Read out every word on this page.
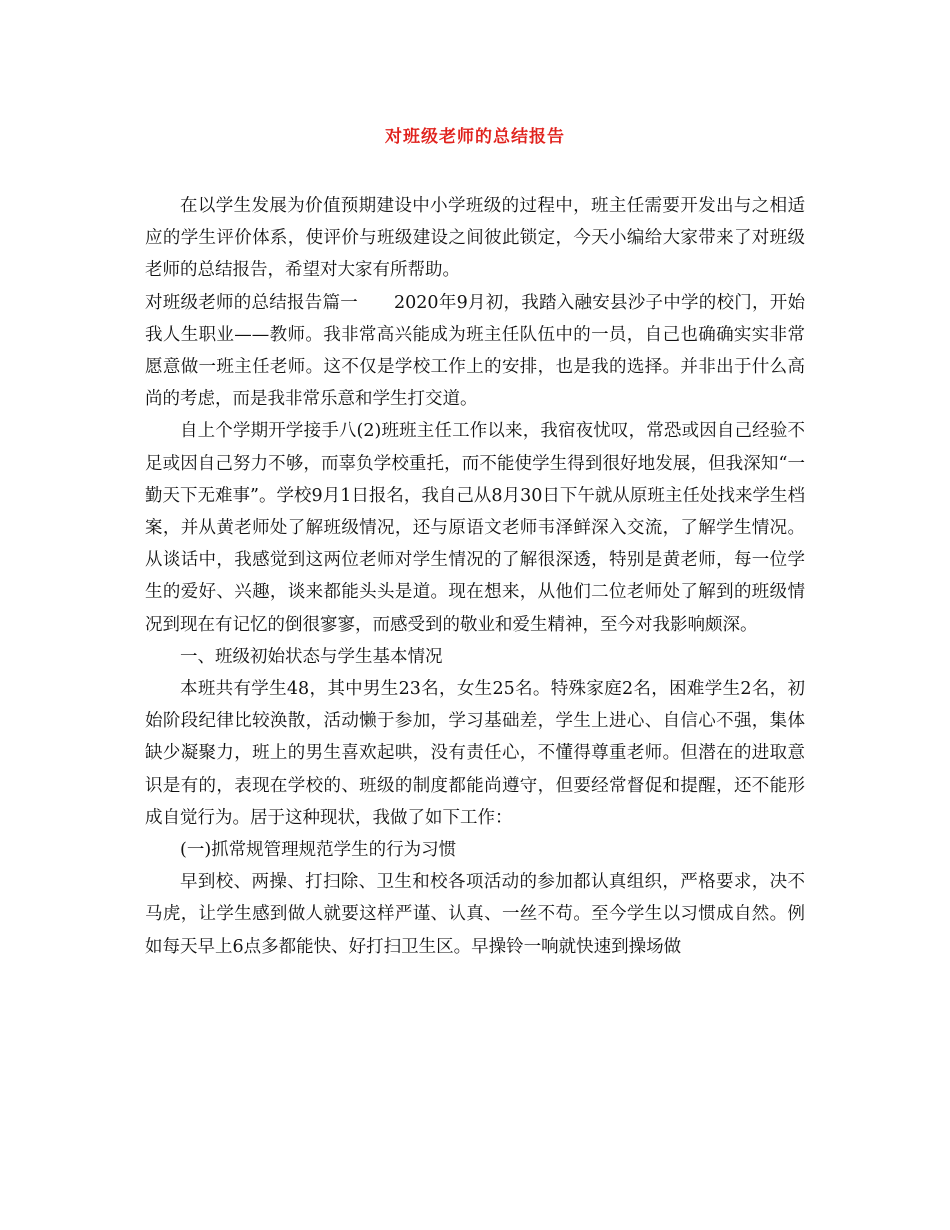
对班级老师的总结报告

在以学生发展为价值预期建设中小学班级的过程中，班主任需要开发出与之相适应的学生评价体系，使评价与班级建设之间彼此锁定，今天小编给大家带来了对班级老师的总结报告，希望对大家有所帮助。

对班级老师的总结报告篇一 2020年9月初，我踏入融安县沙子中学的校门，开始我人生职业——教师。我非常高兴能成为班主任队伍中的一员，自己也确确实实非常愿意做一班主任老师。这不仅是学校工作上的安排，也是我的选择。并非出于什么高尚的考虑，而是我非常乐意和学生打交道。

自上个学期开学接手八(2)班班主任工作以来，我宿夜忧叹，常恐或因自己经验不足或因自己努力不够，而辜负学校重托，而不能使学生得到很好地发展，但我深知“一勤天下无难事”。学校9月1日报名，我自己从8月30日下午就从原班主任处找来学生档案，并从黄老师处了解班级情况，还与原语文老师韦泽鲜深入交流，了解学生情况。从谈话中，我感觉到这两位老师对学生情况的了解很深透，特别是黄老师，每一位学生的爱好、兴趣，谈来都能头头是道。现在想来，从他们二位老师处了解到的班级情况到现在有记忆的倒很寥寥，而感受到的敬业和爱生精神，至今对我影响颇深。

一、班级初始状态与学生基本情况

本班共有学生48，其中男生23名，女生25名。特殊家庭2名，困难学生2名，初始阶段纪律比较涣散，活动懒于参加，学习基础差，学生上进心、自信心不强，集体缺少凝聚力，班上的男生喜欢起哄，没有责任心，不懂得尊重老师。但潜在的进取意识是有的，表现在学校的、班级的制度都能尚遵守，但要经常督促和提醒，还不能形成自觉行为。居于这种现状，我做了如下工作：

(一)抓常规管理规范学生的行为习惯

早到校、两操、打扫除、卫生和校各项活动的参加都认真组织，严格要求，决不马虎，让学生感到做人就要这样严谨、认真、一丝不苟。至今学生以习惯成自然。例如每天早上6点多都能快、好打扫卫生区。早操铃一响就快速到操场做
